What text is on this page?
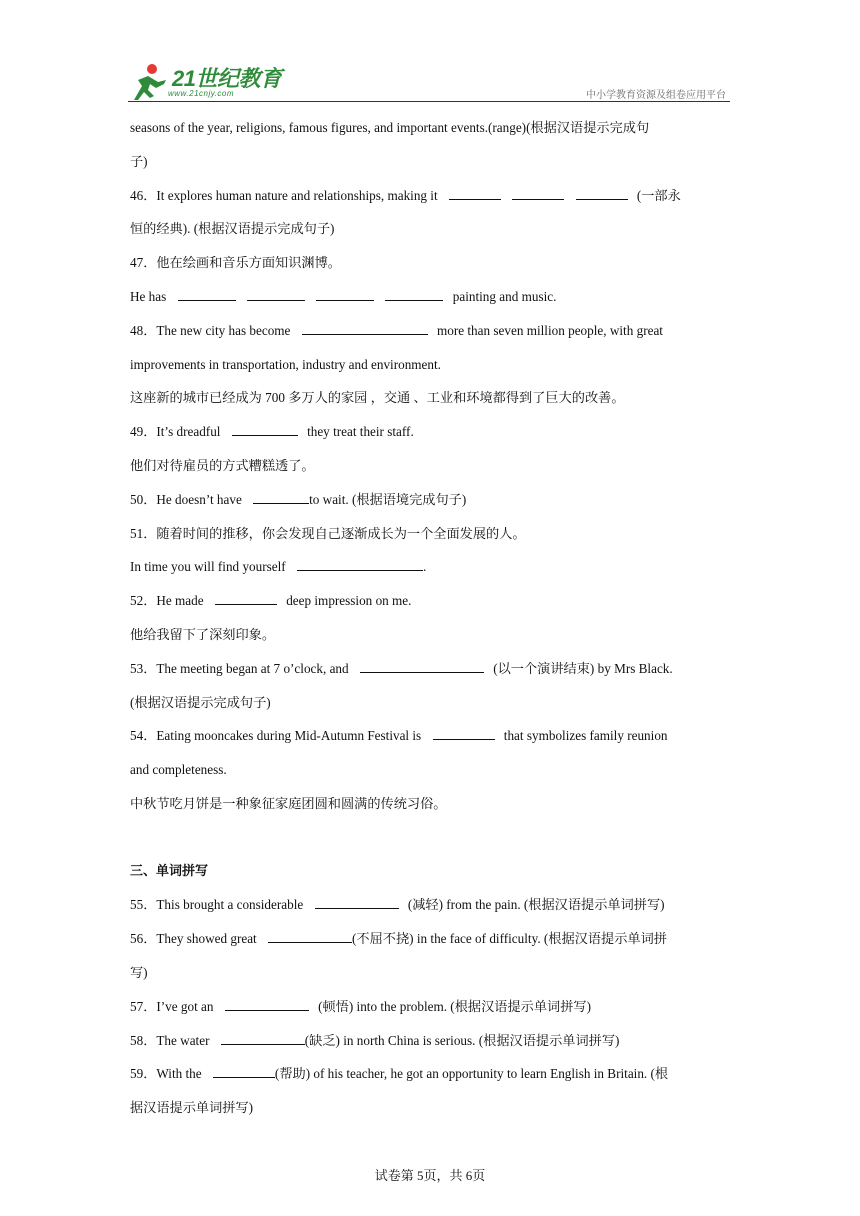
21世纪教育
www.21cnjy.com	中小学教育资源及组卷应用平台
seasons of the year, religions, famous figures, and important events.(range)(根据汉语提示完成句
子)
46．It explores human nature and relationships, making it	(一部永
恒的经典). (根据汉语提示完成句子)
47．他在绘画和音乐方面知识渊博。
He has	painting and music.
48．The new city has become	more than seven million people, with great
improvements in transportation, industry and environment.
这座新的城市已经成为 700 多万人的家园 ，交通 、工业和环境都得到了巨大的改善。
49．It’s dreadful	they treat their staff.
他们对待雇员的方式糟糕透了。
50．He doesn’t have	to wait. (根据语境完成句子)
51．随着时间的推移，你会发现自己逐渐成长为一个全面发展的人。
In time you will find yourself	.
52．He made	deep impression on me.
他给我留下了深刻印象。
53．The meeting began at 7 o’clock, and	(以一个演讲结束) by Mrs Black.
(根据汉语提示完成句子)
54．Eating mooncakes during Mid-Autumn Festival is	that symbolizes family reunion
and completeness.
中秋节吃月饼是一种象征家庭团圆和圆满的传统习俗。
三、单词拼写
55．This brought a considerable	(减轻) from the pain. (根据汉语提示单词拼写)
56．They showed great	(不屈不挠) in the face of difficulty. (根据汉语提示单词拼
写)
57．I’ve got an	(顿悟) into the problem. (根据汉语提示单词拼写)
58．The water	(缺乏) in north China is serious. (根据汉语提示单词拼写)
59．With the	(帮助) of his teacher, he got an opportunity to learn English in Britain. (根
据汉语提示单词拼写)
试卷第 5页，共 6页
